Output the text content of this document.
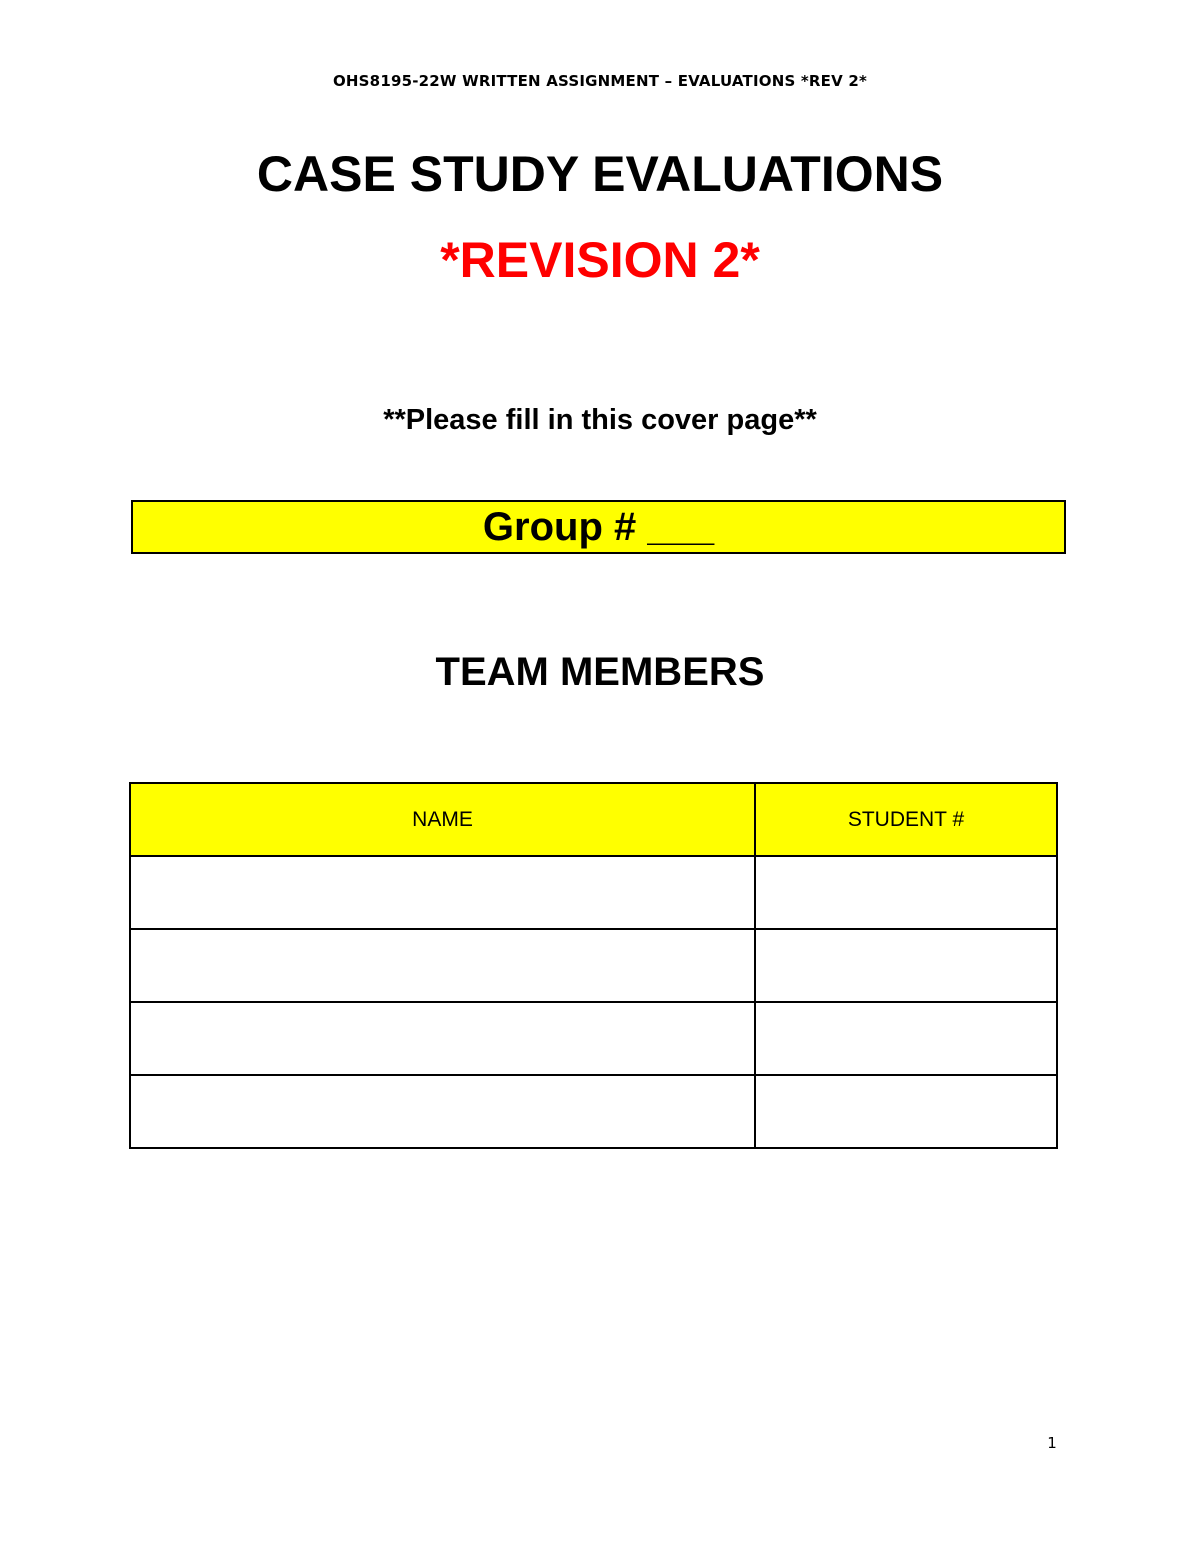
OHS8195-22W WRITTEN ASSIGNMENT – EVALUATIONS *REV 2*
CASE STUDY EVALUATIONS
*REVISION 2*
**Please fill in this cover page**
Group # ___
TEAM MEMBERS
NAME	STUDENT #

1
